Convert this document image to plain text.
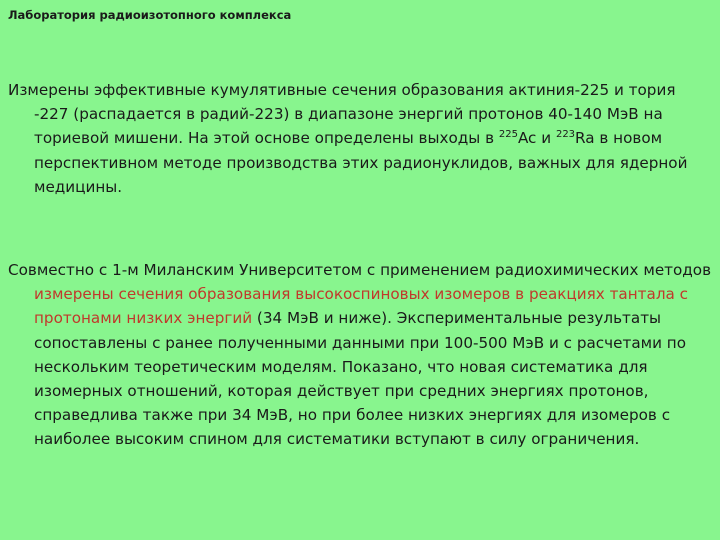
Лаборатория радиоизотопного комплекса
Измерены эффективные кумулятивные сечения образования актиния-225 и тория -227 (распадается в радий-223) в диапазоне энергий протонов 40-140 МэВ на ториевой мишени. На этой основе определены выходы в $^{225}$Ac и $^{223}$Ra в новом перспективном методе производства этих радионуклидов, важных для ядерной медицины.
Совместно с 1-м Миланским Университетом с применением радиохимических методов измерены сечения образования высокоспиновых изомеров в реакциях тантала с протонами низких энергий (34 МэВ и ниже). Экспериментальные результаты сопоставлены с ранее полученными данными при 100-500 МэВ и с расчетами по нескольким теоретическим моделям. Показано, что новая систематика для изомерных отношений, которая действует при средних энергиях протонов, справедлива также при 34 МэВ, но при более низких энергиях для изомеров с наиболее высоким спином для систематики вступают в силу ограничения.
